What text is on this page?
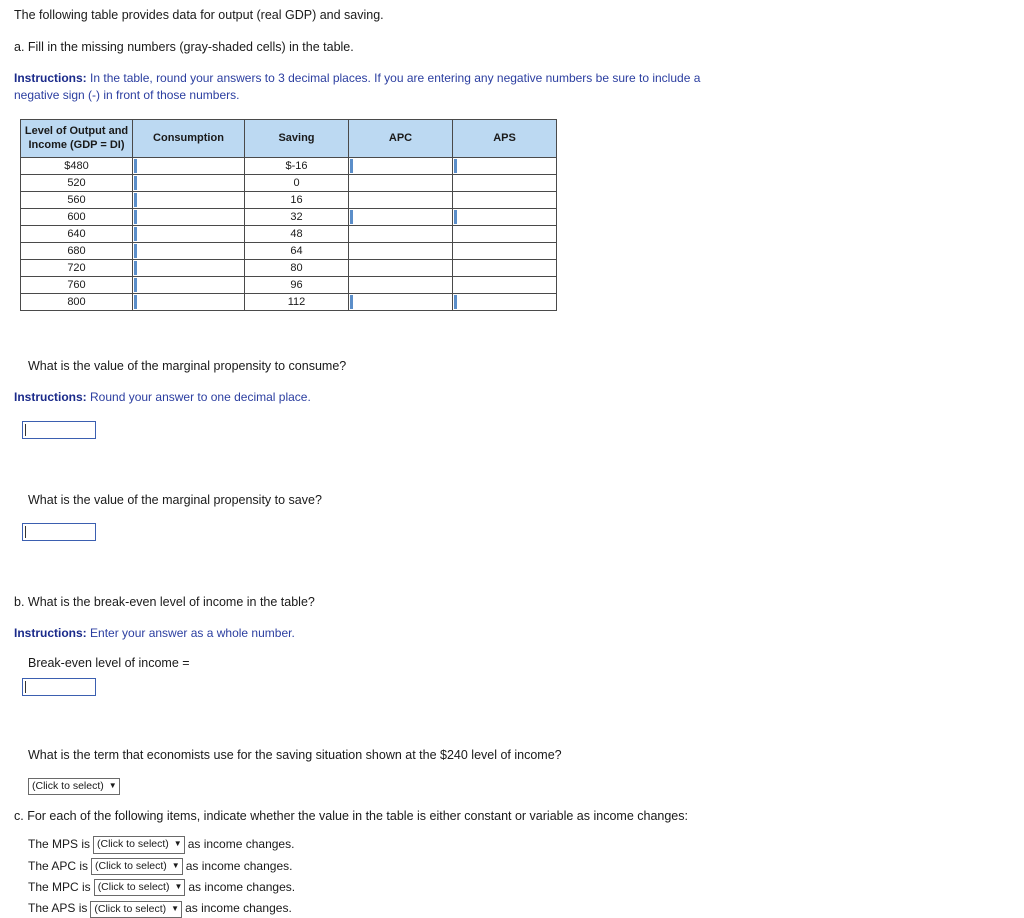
The following table provides data for output (real GDP) and saving.

a. Fill in the missing numbers (gray-shaded cells) in the table.

Instructions: In the table, round your answers to 3 decimal places. If you are entering any negative numbers be sure to include a negative sign (-) in front of those numbers.

Level of Output and Income (GDP = DI)	Consumption	Saving	APC	APS
$480		$-16		
520		0		
560		16		
600		32		
640		48		
680		64		
720		80		
760		96		
800		112		

What is the value of the marginal propensity to consume?

Instructions: Round your answer to one decimal place.

What is the value of the marginal propensity to save?

b. What is the break-even level of income in the table?

Instructions: Enter your answer as a whole number.

Break-even level of income =

What is the term that economists use for the saving situation shown at the $240 level of income?

(Click to select) ▼

c. For each of the following items, indicate whether the value in the table is either constant or variable as income changes:

The MPS is (Click to select) ▼ as income changes.
The APC is (Click to select) ▼ as income changes.
The MPC is (Click to select) ▼ as income changes.
The APS is (Click to select) ▼ as income changes.
